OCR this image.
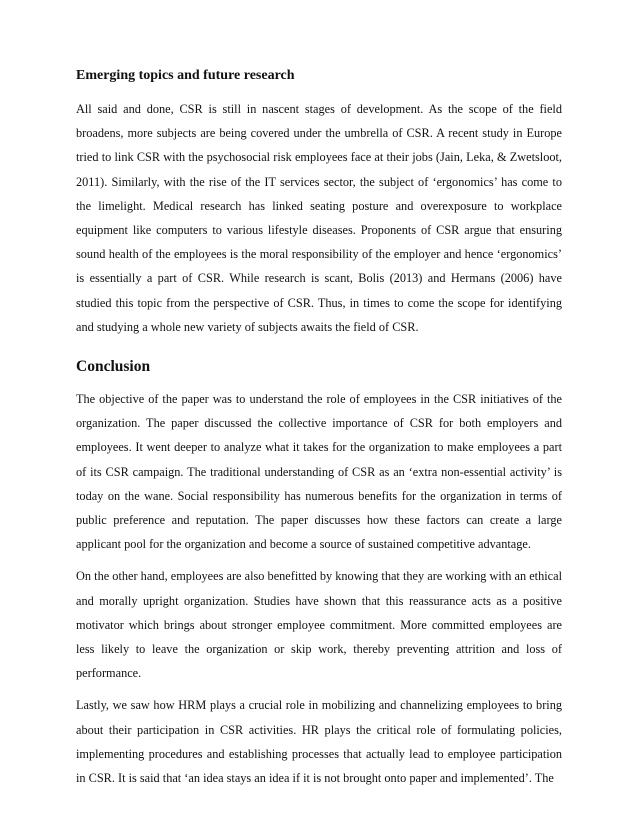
Emerging topics and future research

All said and done, CSR is still in nascent stages of development. As the scope of the field broadens, more subjects are being covered under the umbrella of CSR. A recent study in Europe tried to link CSR with the psychosocial risk employees face at their jobs (Jain, Leka, & Zwetsloot, 2011). Similarly, with the rise of the IT services sector, the subject of ‘ergonomics’ has come to the limelight. Medical research has linked seating posture and overexposure to workplace equipment like computers to various lifestyle diseases. Proponents of CSR argue that ensuring sound health of the employees is the moral responsibility of the employer and hence ‘ergonomics’ is essentially a part of CSR. While research is scant, Bolis (2013) and Hermans (2006) have studied this topic from the perspective of CSR. Thus, in times to come the scope for identifying and studying a whole new variety of subjects awaits the field of CSR.

Conclusion

The objective of the paper was to understand the role of employees in the CSR initiatives of the organization. The paper discussed the collective importance of CSR for both employers and employees. It went deeper to analyze what it takes for the organization to make employees a part of its CSR campaign. The traditional understanding of CSR as an ‘extra non-essential activity’ is today on the wane. Social responsibility has numerous benefits for the organization in terms of public preference and reputation. The paper discusses how these factors can create a large applicant pool for the organization and become a source of sustained competitive advantage.

On the other hand, employees are also benefitted by knowing that they are working with an ethical and morally upright organization. Studies have shown that this reassurance acts as a positive motivator which brings about stronger employee commitment. More committed employees are less likely to leave the organization or skip work, thereby preventing attrition and loss of performance.

Lastly, we saw how HRM plays a crucial role in mobilizing and channelizing employees to bring about their participation in CSR activities. HR plays the critical role of formulating policies, implementing procedures and establishing processes that actually lead to employee participation in CSR. It is said that ‘an idea stays an idea if it is not brought onto paper and implemented’. The
